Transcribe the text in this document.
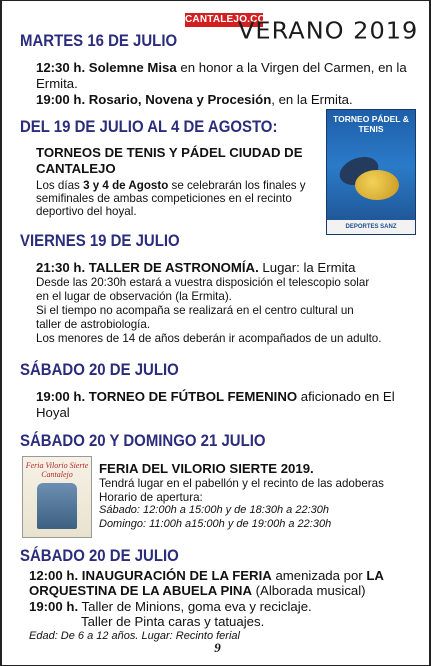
CANTALEJO.COM
VERANO 2019
MARTES 16 DE JULIO
12:30 h. Solemne Misa en honor a la Virgen del Carmen, en la
Ermita.
19:00 h. Rosario, Novena y Procesión, en la Ermita.
DEL 19 DE JULIO AL 4 DE AGOSTO:
TORNEOS DE TENIS Y PÁDEL CIUDAD DE
CANTALEJO
Los días 3 y 4 de Agosto se celebrarán los finales y
semifinales de ambas competiciones en el recinto
deportivo del hoyal.
TORNEO PÁDEL & TENIS
DEPORTES SANZ
VIERNES 19 DE JULIO
21:30 h. TALLER DE ASTRONOMÍA. Lugar: la Ermita
Desde las 20:30h estará a vuestra disposición el telescopio solar
en el lugar de observación (la Ermita).
Si el tiempo no acompaña se realizará en el centro cultural un
taller de astrobiología.
Los menores de 14 de años deberán ir acompañados de un adulto.
SÁBADO 20 DE JULIO
19:00 h. TORNEO DE FÚTBOL FEMENINO aficionado en El
Hoyal
SÁBADO 20 Y DOMINGO 21 JULIO
Feria Vilorio Sierte Cantalejo	FERIA DEL VILORIO SIERTE 2019.
Tendrá lugar en el pabellón y el recinto de las adoberas
Horario de apertura:
Sábado: 12:00h a 15:00h y de 18:30h a 22:30h
Domingo: 11:00h a15:00h y de 19:00h a 22:30h
SÁBADO 20 DE JULIO
12:00 h. INAUGURACIÓN DE LA FERIA amenizada por LA
ORQUESTINA DE LA ABUELA PINA (Alborada musical)
19:00 h. Taller de Minions, goma eva y reciclaje.
Taller de Pinta caras y tatuajes.
Edad: De 6 a 12 años. Lugar: Recinto ferial
9
